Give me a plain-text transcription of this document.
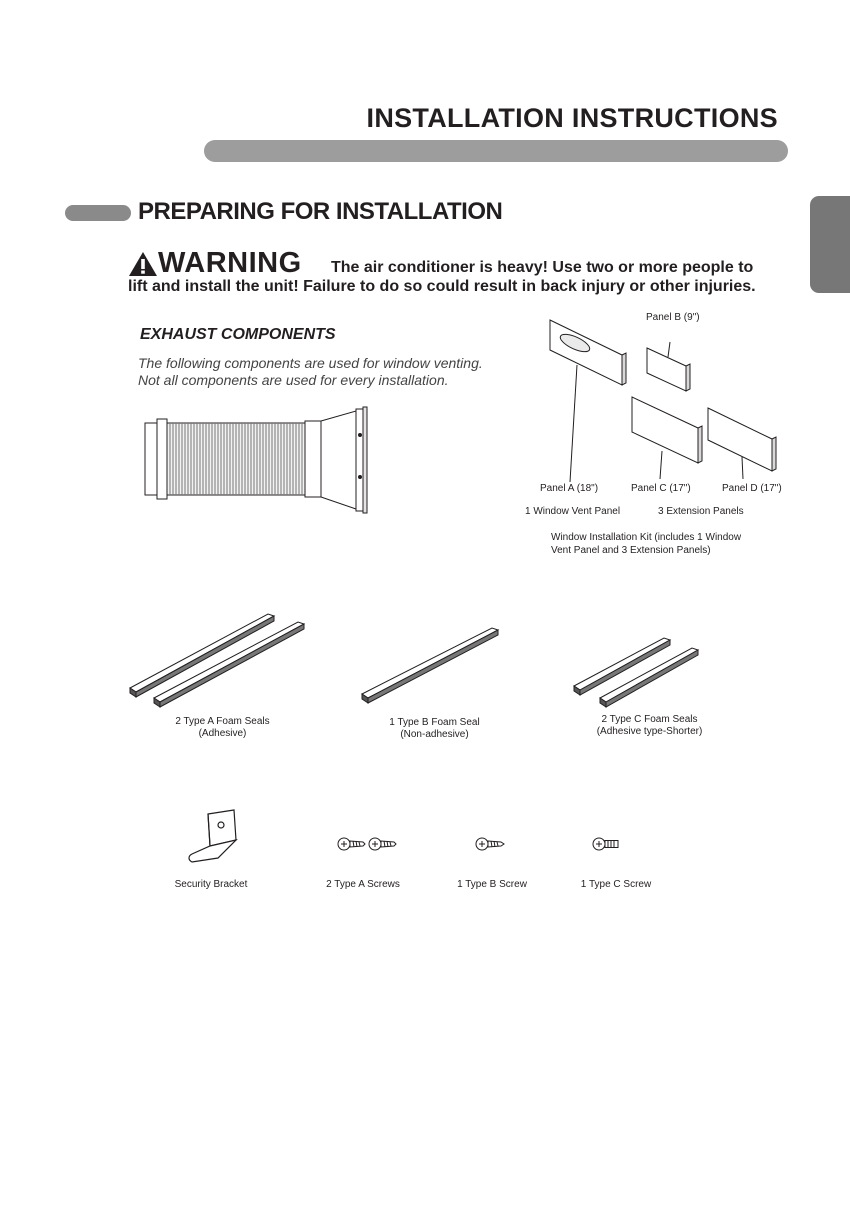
INSTALLATION INSTRUCTIONS
PREPARING FOR INSTALLATION
WARNING The air conditioner is heavy! Use two or more people to
lift and install the unit! Failure to do so could result in back injury or other injuries.
EXHAUST COMPONENTS
The following components are used for window venting.
Not all components are used for every installation.
Panel B (9")
Panel A (18")	Panel C (17")	Panel D (17")
1 Window Vent Panel	3 Extension Panels
Window Installation Kit (includes 1 Window
Vent Panel and 3 Extension Panels)
2 Type A Foam Seals
(Adhesive)
1 Type B Foam Seal
(Non-adhesive)
2 Type C Foam Seals
(Adhesive type-Shorter)
Security Bracket	2 Type A Screws	1 Type B Screw	1 Type C Screw
